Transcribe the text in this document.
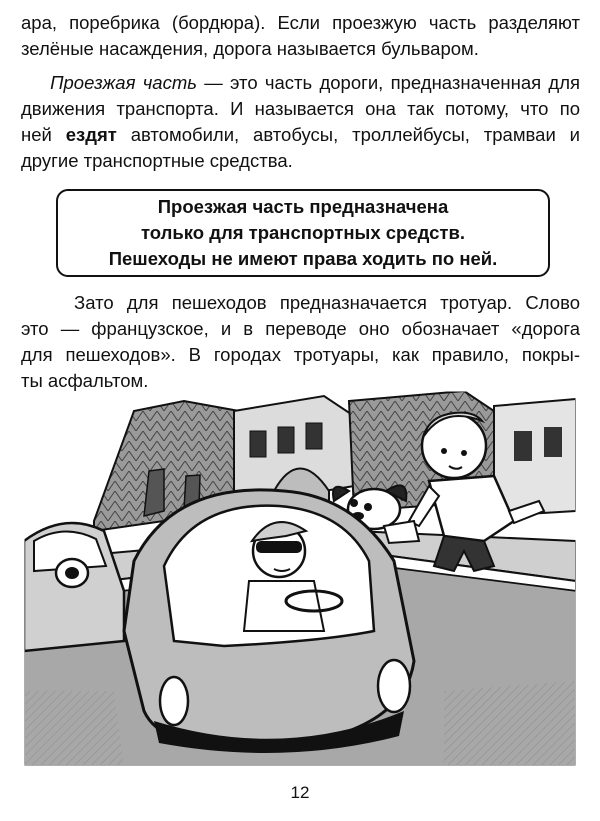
ара, поребрика (бордюра). Если проезжую часть разделяют
зелёные насаждения, дорога называется бульваром.

Проезжая часть — это часть дороги, предназначенная для
движения транспорта. И называется она так потому, что по
ней ездят автомобили, автобусы, троллейбусы, трамваи и
другие транспортные средства.

Проезжая часть предназначена
только для транспортных средств.
Пешеходы не имеют права ходить по ней.

Зато для пешеходов предназначается тротуар. Слово
это — французское, и в переводе оно обозначает «дорога
для пешеходов». В городах тротуары, как правило, покры-
ты асфальтом.

12
